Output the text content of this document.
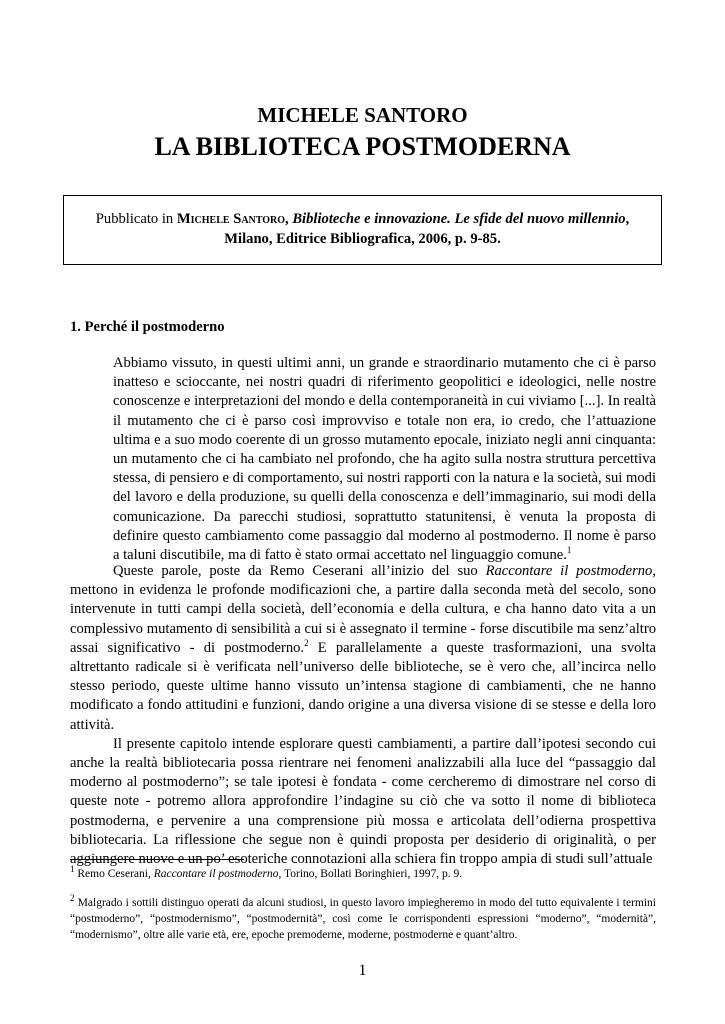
MICHELE SANTORO
LA BIBLIOTECA POSTMODERNA
Pubblicato in Michele Santoro, Biblioteche e innovazione. Le sfide del nuovo millennio,
Milano, Editrice Bibliografica, 2006, p. 9-85.
1. Perché il postmoderno
Abbiamo vissuto, in questi ultimi anni, un grande e straordinario mutamento che ci è parso inatteso e scioccante, nei nostri quadri di riferimento geopolitici e ideologici, nelle nostre conoscenze e interpretazioni del mondo e della contemporaneità in cui viviamo [...]. In realtà il mutamento che ci è parso così improvviso e totale non era, io credo, che l’attuazione ultima e a suo modo coerente di un grosso mutamento epocale, iniziato negli anni cinquanta: un mutamento che ci ha cambiato nel profondo, che ha agito sulla nostra struttura percettiva stessa, di pensiero e di comportamento, sui nostri rapporti con la natura e la società, sui modi del lavoro e della produzione, su quelli della conoscenza e dell’immaginario, sui modi della comunicazione. Da parecchi studiosi, soprattutto statunitensi, è venuta la proposta di definire questo cambiamento come passaggio dal moderno al postmoderno. Il nome è parso a taluni discutibile, ma di fatto è stato ormai accettato nel linguaggio comune.$^1$

Queste parole, poste da Remo Ceserani all’inizio del suo Raccontare il postmoderno, mettono in evidenza le profonde modificazioni che, a partire dalla seconda metà del secolo, sono intervenute in tutti campi della società, dell’economia e della cultura, e cha hanno dato vita a un complessivo mutamento di sensibilità a cui si è assegnato il termine - forse discutibile ma senz’altro assai significativo - di postmoderno.$^2$ E parallelamente a queste trasformazioni, una svolta altrettanto radicale si è verificata nell’universo delle biblioteche, se è vero che, all’incirca nello stesso periodo, queste ultime hanno vissuto un’intensa stagione di cambiamenti, che ne hanno modificato a fondo attitudini e funzioni, dando origine a una diversa visione di se stesse e della loro attività.

Il presente capitolo intende esplorare questi cambiamenti, a partire dall’ipotesi secondo cui anche la realtà bibliotecaria possa rientrare nei fenomeni analizzabili alla luce del “passaggio dal moderno al postmoderno”; se tale ipotesi è fondata - come cercheremo di dimostrare nel corso di queste note - potremo allora approfondire l’indagine su ciò che va sotto il nome di biblioteca postmoderna, e pervenire a una comprensione più mossa e articolata dell’odierna prospettiva bibliotecaria. La riflessione che segue non è quindi proposta per desiderio di originalità, o per aggiungere nuove e un po’ esoteriche connotazioni alla schiera fin troppo ampia di studi sull’attuale

$^1$ Remo Ceserani, Raccontare il postmoderno, Torino, Bollati Boringhieri, 1997, p. 9.
$^2$ Malgrado i sottili distinguo operati da alcuni studiosi, in questo lavoro impiegheremo in modo del tutto equivalente i termini “postmoderno”, “postmodernismo”, “postmodernità”, così come le corrispondenti espressioni “moderno”, “modernità”, “modernismo”, oltre alle varie età, ere, epoche premoderne, moderne, postmoderne e quant’altro.
1
